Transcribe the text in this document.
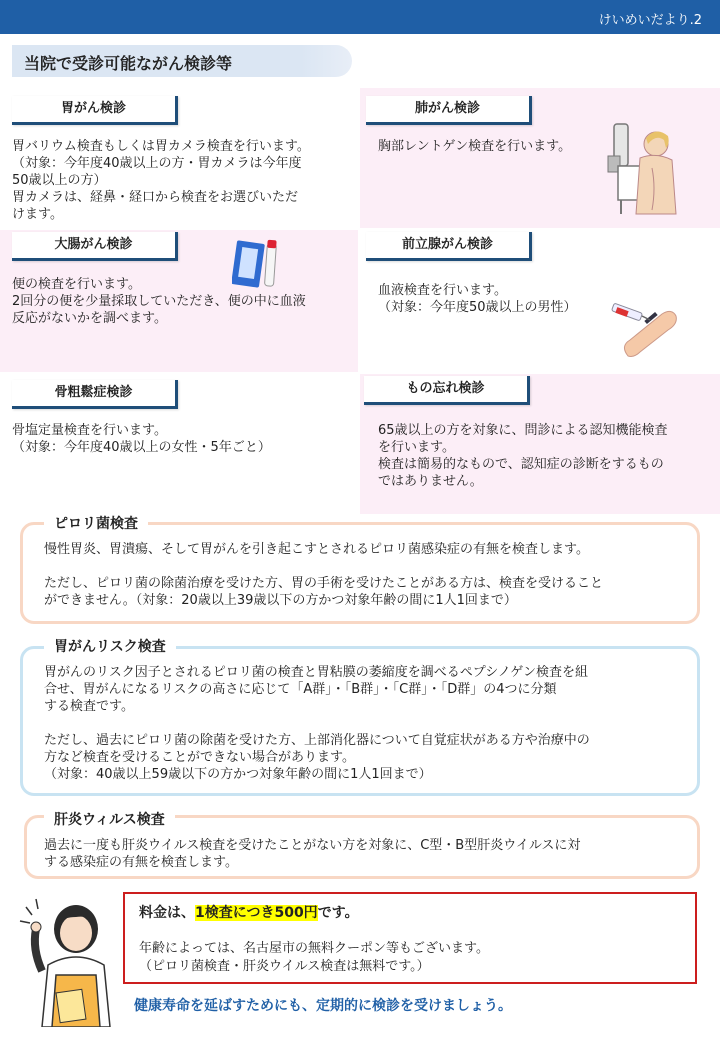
けいめいだより.2
当院で受診可能ながん検診等
胃がん検診
胃バリウム検査もしくは胃カメラ検査を行います。
（対象：今年度40歳以上の方・胃カメラは今年度
50歳以上の方）
胃カメラは、経鼻・経口から検査をお選びいただ
けます。
肺がん検診
胸部レントゲン検査を行います。
大腸がん検診
便の検査を行います。
2回分の便を少量採取していただき、便の中に血液
反応がないかを調べます。
前立腺がん検診
血液検査を行います。
（対象：今年度50歳以上の男性）
骨粗鬆症検診
骨塩定量検査を行います。
（対象：今年度40歳以上の女性・5年ごと）
もの忘れ検診
65歳以上の方を対象に、問診による認知機能検査
を行います。
検査は簡易的なもので、認知症の診断をするもの
ではありません。
ピロリ菌検査
慢性胃炎、胃潰瘍、そして胃がんを引き起こすとされるピロリ菌感染症の有無を検査します。

ただし、ピロリ菌の除菌治療を受けた方、胃の手術を受けたことがある方は、検査を受けること
ができません。（対象：20歳以上39歳以下の方かつ対象年齢の間に1人1回まで）
胃がんリスク検査
胃がんのリスク因子とされるピロリ菌の検査と胃粘膜の萎縮度を調べるペプシノゲン検査を組
合せ、胃がんになるリスクの高さに応じて「A群」・「B群」・「C群」・「D群」の4つに分類
する検査です。

ただし、過去にピロリ菌の除菌を受けた方、上部消化器について自覚症状がある方や治療中の
方など検査を受けることができない場合があります。
（対象：40歳以上59歳以下の方かつ対象年齢の間に1人1回まで）
肝炎ウィルス検査
過去に一度も肝炎ウイルス検査を受けたことがない方を対象に、C型・B型肝炎ウイルスに対
する感染症の有無を検査します。
料金は、1検査につき500円です。
年齢によっては、名古屋市の無料クーポン等もございます。
（ピロリ菌検査・肝炎ウイルス検査は無料です。）
健康寿命を延ばすためにも、定期的に検診を受けましょう。
